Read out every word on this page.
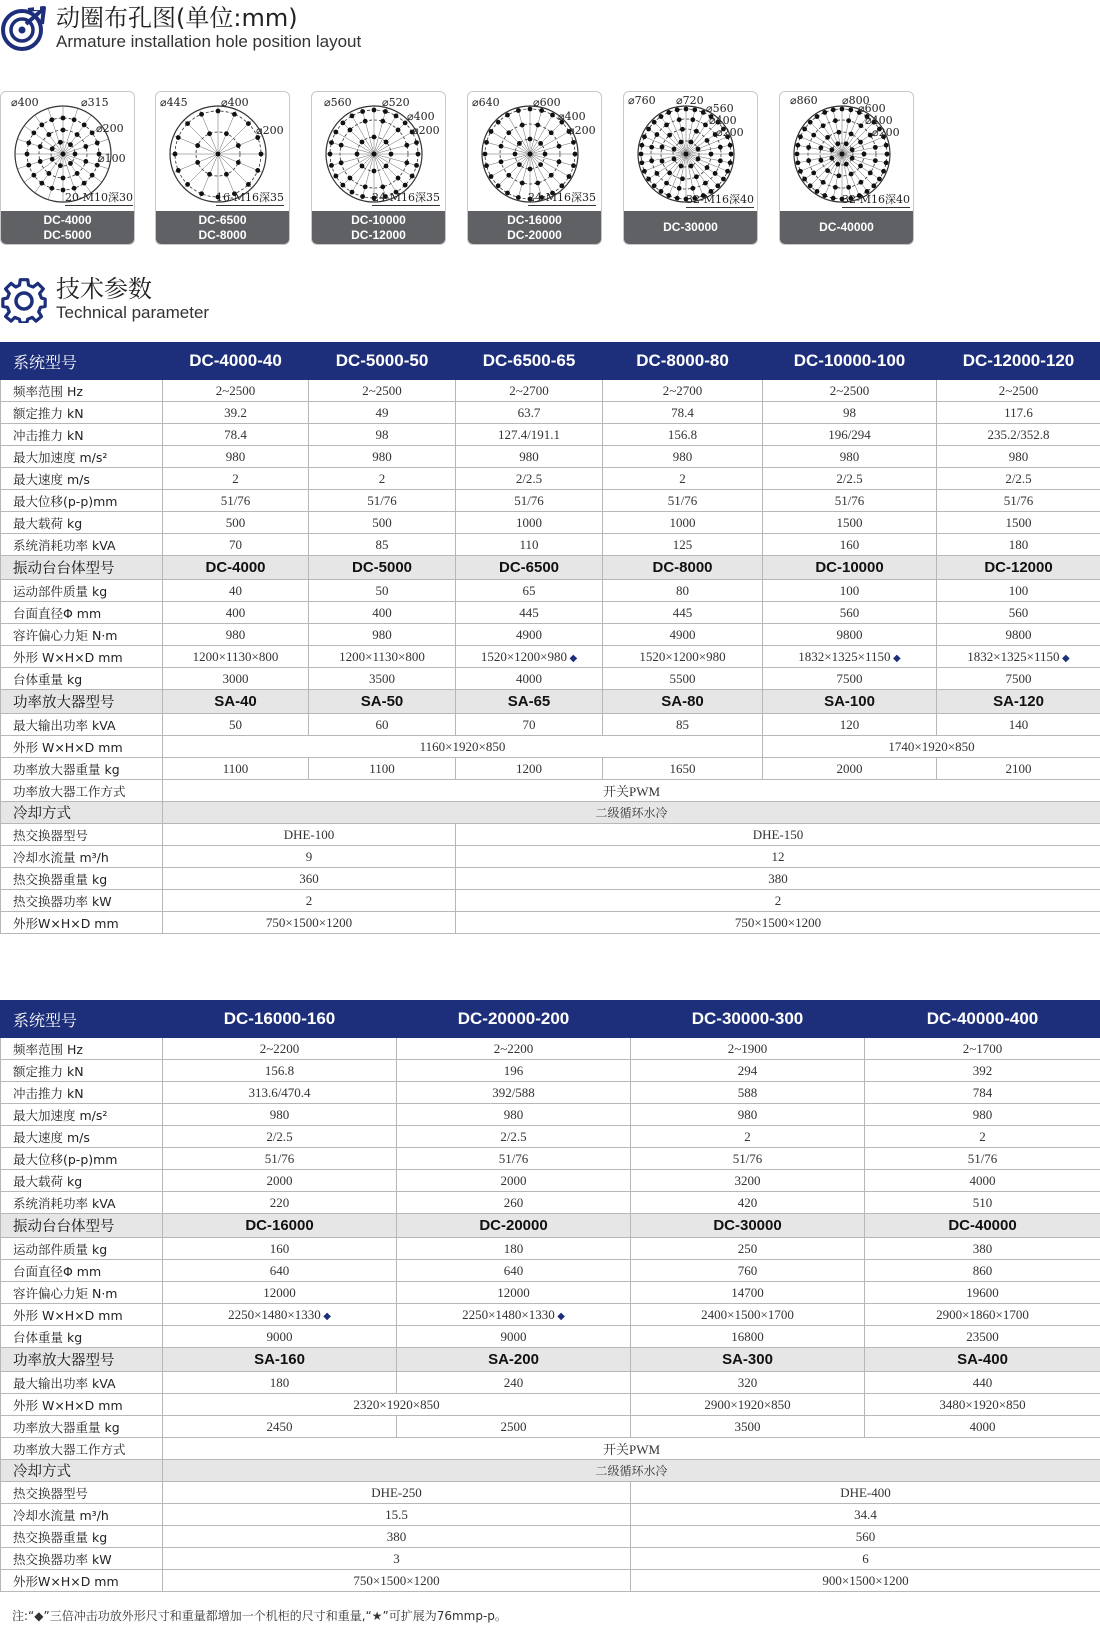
动圈布孔图(单位:mm)
Armature installation hole position layout
⌀400	⌀315
⌀200
⌀100
20-M10深30
DC-4000
DC-5000
⌀445	⌀400
⌀200
16-M16深35
DC-6500
DC-8000
⌀560	⌀520
⌀400
⌀200
24-M16深35
DC-10000
DC-12000
⌀640	⌀600
⌀400
⌀200
24-M16深35
DC-16000
DC-20000
⌀760 ⌀720
⌀560
⌀400
⌀200
32-M16深40
DC-30000
⌀860 ⌀800
⌀600
⌀400
⌀200
32-M16深40
DC-40000
技术参数
Technical parameter
系统型号	DC-4000-40	DC-5000-50	DC-6500-65	DC-8000-80	DC-10000-100	DC-12000-120
频率范围 Hz	2~2500	2~2500	2~2700	2~2700	2~2500	2~2500
额定推力 kN	39.2	49	63.7	78.4	98	117.6
冲击推力 kN	78.4	98	127.4/191.1	156.8	196/294	235.2/352.8
最大加速度 m/s²	980	980	980	980	980	980
最大速度 m/s	2	2	2/2.5	2	2/2.5	2/2.5
最大位移(p-p)mm	51/76	51/76	51/76	51/76	51/76	51/76
最大载荷 kg	500	500	1000	1000	1500	1500
系统消耗功率 kVA	70	85	110	125	160	180
振动台台体型号	DC-4000	DC-5000	DC-6500	DC-8000	DC-10000	DC-12000
运动部件质量 kg	40	50	65	80	100	100
台面直径Φ mm	400	400	445	445	560	560
容许偏心力矩 N·m	980	980	4900	4900	9800	9800
外形 W×H×D mm	1200×1130×800	1200×1130×800	1520×1200×980 ◆	1520×1200×980	1832×1325×1150 ◆	1832×1325×1150 ◆
台体重量 kg	3000	3500	4000	5500	7500	7500
功率放大器型号	SA-40	SA-50	SA-65	SA-80	SA-100	SA-120
最大输出功率 kVA	50	60	70	85	120	140
外形 W×H×D mm	1160×1920×850				1740×1920×850	
功率放大器重量 kg	1100	1100	1200	1650	2000	2100
功率放大器工作方式	开关PWM					
冷却方式	二级循环水冷					
热交换器型号	DHE-100		DHE-150			
冷却水流量 m³/h	9		12			
热交换器重量 kg	360		380			
热交换器功率 kW	2		2			
外形W×H×D mm	750×1500×1200		750×1500×1200			
系统型号	DC-16000-160	DC-20000-200	DC-30000-300	DC-40000-400
频率范围 Hz	2~2200	2~2200	2~1900	2~1700
额定推力 kN	156.8	196	294	392
冲击推力 kN	313.6/470.4	392/588	588	784
最大加速度 m/s²	980	980	980	980
最大速度 m/s	2/2.5	2/2.5	2	2
最大位移(p-p)mm	51/76	51/76	51/76	51/76
最大载荷 kg	2000	2000	3200	4000
系统消耗功率 kVA	220	260	420	510
振动台台体型号	DC-16000	DC-20000	DC-30000	DC-40000
运动部件质量 kg	160	180	250	380
台面直径Φ mm	640	640	760	860
容许偏心力矩 N·m	12000	12000	14700	19600
外形 W×H×D mm	2250×1480×1330 ◆	2250×1480×1330 ◆	2400×1500×1700	2900×1860×1700
台体重量 kg	9000	9000	16800	23500
功率放大器型号	SA-160	SA-200	SA-300	SA-400
最大输出功率 kVA	180	240	320	440
外形 W×H×D mm	2320×1920×850		2900×1920×850	3480×1920×850
功率放大器重量 kg	2450	2500	3500	4000
功率放大器工作方式	开关PWM			
冷却方式	二级循环水冷			
热交换器型号	DHE-250		DHE-400	
冷却水流量 m³/h	15.5		34.4	
热交换器重量 kg	380		560	
热交换器功率 kW	3		6	
外形W×H×D mm	750×1500×1200		900×1500×1200	
注:“◆”三倍冲击功放外形尺寸和重量都增加一个机柜的尺寸和重量,“★”可扩展为76mmp-p。
